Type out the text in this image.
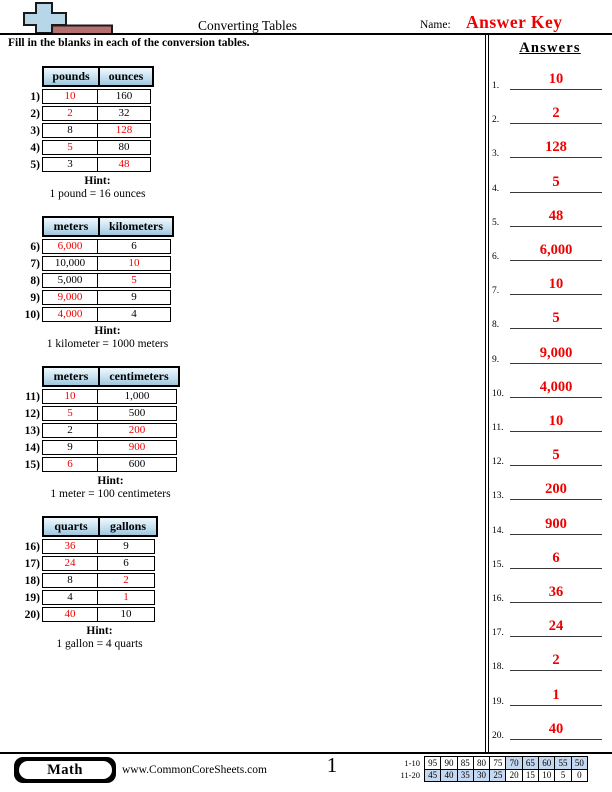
Converting Tables	Name: Answer Key
Fill in the blanks in each of the conversion tables.
pounds	ounces
1)	10	160
2)	2	32
3)	8	128
4)	5	80
5)	3	48
Hint:
1 pound = 16 ounces
meters	kilometers
6)	6,000	6
7)	10,000	10
8)	5,000	5
9)	9,000	9
10)	4,000	4
Hint:
1 kilometer = 1000 meters
meters	centimeters
11)	10	1,000
12)	5	500
13)	2	200
14)	9	900
15)	6	600
Hint:
1 meter = 100 centimeters
quarts	gallons
16)	36	9
17)	24	6
18)	8	2
19)	4	1
20)	40	10
Hint:
1 gallon = 4 quarts
Answers
1.	10
2.	2
3.	128
4.	5
5.	48
6.	6,000
7.	10
8.	5
9.	9,000
10.	4,000
11.	10
12.	5
13.	200
14.	900
15.	6
16.	36
17.	24
18.	2
19.	1
20.	40
Math	www.CommonCoreSheets.com	1	1-10	95	90	85	80	75	70	65	60	55	50
11-20	45	40	35	30	25	20	15	10	5	0
